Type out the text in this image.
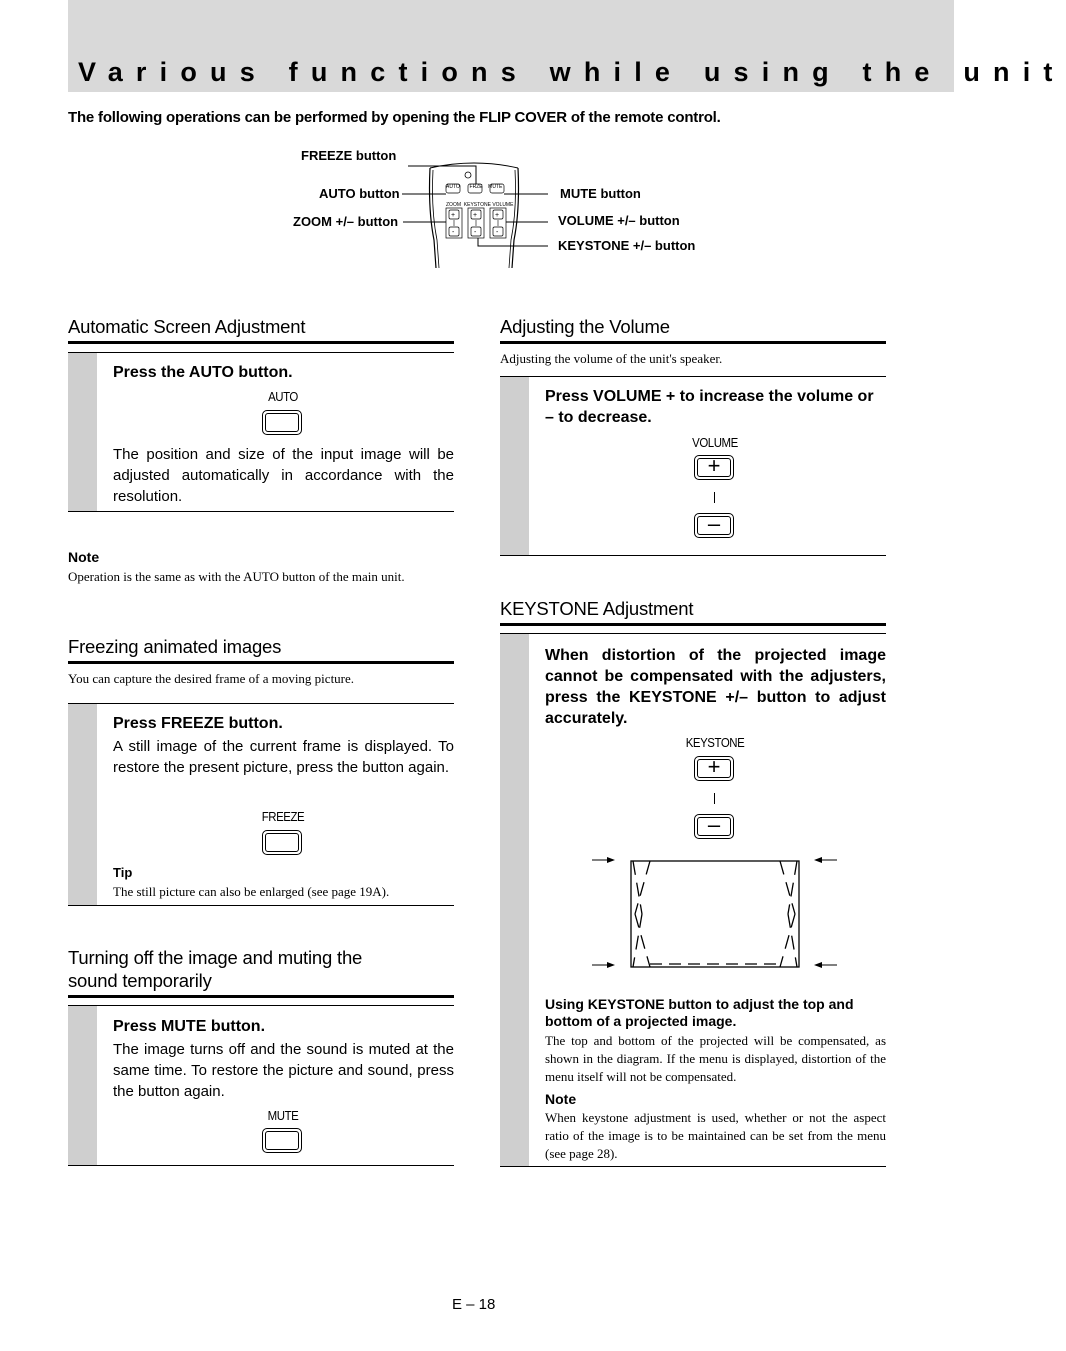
Various functions while using the unit
The following operations can be performed by opening the FLIP COVER of the remote control.
+	+	+
-	-	-
AUTO FRZE MUTE
ZOOM KEYSTONE VOLUME
FREEZE button
AUTO button
ZOOM +/– button
MUTE button
VOLUME +/– button
KEYSTONE +/– button
Automatic Screen Adjustment
Press the AUTO button.
AUTO
The position and size of the input image will be adjusted automatically in accordance with the resolution.
Note
Operation is the same as with the AUTO button of the main unit.
Freezing animated images
You can capture the desired frame of a moving picture.
Press FREEZE button.
A still image of the current frame is displayed. To restore the present picture, press the button again.
FREEZE
Tip
The still picture can also be enlarged (see page 19A).
Turning off the image and muting the
sound temporarily
Press MUTE button.
The image turns off and the sound is muted at the same time. To restore the picture and sound, press the button again.
MUTE
Adjusting the Volume
Adjusting the volume of the unit's speaker.
Press VOLUME + to increase the volume or – to decrease.
VOLUME
+
–
KEYSTONE Adjustment
When distortion of the projected image cannot be compensated with the adjusters, press the KEYSTONE +/– button to adjust accurately.
KEYSTONE
+
–
Using KEYSTONE button to adjust the top and bottom of a projected image.
The top and bottom of the projected will be compensated, as shown in the diagram. If the menu is displayed, distortion of the menu itself will not be compensated.
Note
When keystone adjustment is used, whether or not the aspect ratio of the image is to be maintained can be set from the menu (see page 28).
E – 18
